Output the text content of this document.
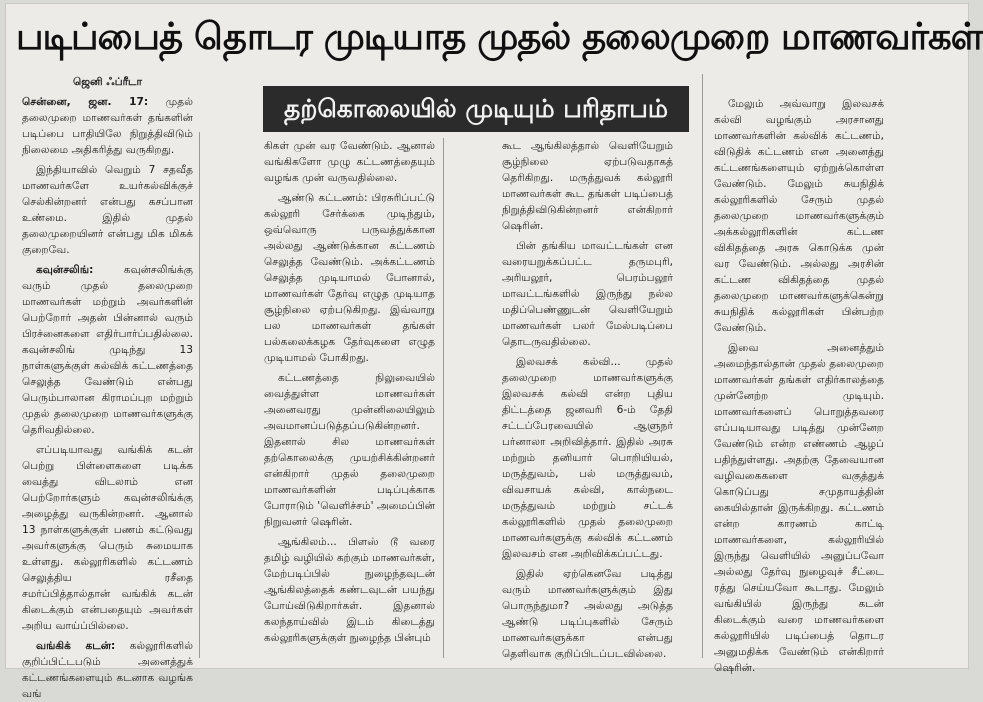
படிப்பைத் தொடர முடியாத முதல் தலைமுறை மாணவர்கள்
தற்கொலையில் முடியும் பரிதாபம்

ஜெனி ஃப்ரீடா

சென்னை, ஜன. 17: முதல் தலைமுறை மாணவர்கள் தங்களின் படிப்பை பாதியிலே நிறுத்திவிடும் நிலைமை அதிகரித்து வருகிறது.

இந்தியாவில் வெறும் 7 சதவீத மாணவர்களே உயர்கல்விக்குச் செல்கின்றனர் என்பது கசப்பான உண்மை. இதில் முதல் தலைமுறையினர் என்பது மிக மிகக் குறைவே.

கவுன்சலிங்:	கவுன்சலிங்க்கு வரும் முதல் தலைமுறை மாணவர்கள் மற்றும் அவர்களின் பெற்றோர் அதன் பின்னால் வரும் பிரச்னைகளை எதிர்பார்ப்பதில்லை. கவுன்சலிங் முடிந்து 13 நாள்களுக்குள் கல்விக் கட்டணத்தை செலுத்த வேண்டும் என்பது பெரும்பாலான கிராமப்புற மற்றும் முதல் தலைமுறை மாணவர்களுக்கு தெரிவதில்லை.

எப்படியாவது வங்கிக் கடன் பெற்று பிள்ளைகளை படிக்க வைத்து விடலாம் என பெற்றோர்களும் கவுன்சலிங்க்கு அழைத்து வருகின்றனர். ஆனால் 13 நாள்களுக்குள் பணம் கட்டுவது அவர்களுக்கு பெரும் சுமையாக உள்ளது. கல்லூரிகளில் கட்டணம் செலுத்திய ரசீதை சமர்ப்பித்தால்தான் வங்கிக் கடன் கிடைக்கும் என்பதையும் அவர்கள் அறிய வாய்ப்பில்லை.

வங்கிக் கடன்: கல்லூரிகளில் குறிப்பிட்டபடும் அனைத்துக் கட்டணங்களையும் கடனாக வழங்க வங்

கிகள் முன் வர வேண்டும். ஆனால் வங்கிகளோ முழு கட்டணத்தையும் வழங்க முன் வருவதில்லை.

ஆண்டு கட்டணம்: பிரசுரிப்பட்டு கல்லூரி சேர்க்கை முடிந்தும், ஒவ்வொரு பருவத்துக்கான அல்லது ஆண்டுக்கான கட்டணம் செலுத்த வேண்டும். அக்கட்டணம் செலுத்த முடியாமல் போனால், மாணவர்கள் தேர்வு எழுத முடியாத சூழ்நிலை ஏற்படுகிறது. இவ்வாறு பல மாணவர்கள் தங்கள் பல்கலைக்கழக தேர்வுகளை எழுத முடியாமல் போகிறது.

கட்டணத்தை நிலுவையில் வைத்துள்ள மாணவர்கள் அனைவரது முன்னிலையிலும் அவமானப்படுத்தப்படுகின்றனர். இதனால் சில மாணவர்கள் தற்கொலைக்கு முயற்சிக்கின்றனர் என்கிறார் முதல் தலைமுறை மாணவர்களின் படிப்புக்காக போராடும் 'வெளிச்சம்' அமைப்பின் நிறுவனர் ஷெரின்.

ஆங்கிலம்... பிளஸ் டூ வரை தமிழ் வழியில் கற்கும் மாணவர்கள், மேற்படிப்பில் நுழைந்தவுடன் ஆங்கிலத்தைக் கண்டவுடன் பயந்து போய்விடுகிறார்கள். இதனால் கலந்தாய்வில் இடம் கிடைத்து கல்லூரிகளுக்குள் நுழைந்த பின்பும்

கூட ஆங்கிலத்தால் வெளியேறும் சூழ்நிலை ஏற்படுவதாகத் தெரிகிறது. மருத்துவக் கல்லூரி மாணவர்கள் கூட தங்கள் படிப்பைத் நிறுத்திவிடுகின்றனர் என்கிறார் ஷெரின்.

பின் தங்கிய மாவட்டங்கள் என வரையறுக்கப்பட்ட தருமபுரி, அரியலூர், பெரம்பலூர் மாவட்டங்களில் இருந்து நல்ல மதிப்பெண்ணுடன் வெளியேறும் மாணவர்கள் பலர் மேல்படிப்பை தொடருவதில்லை.

இலவசக் கல்வி... முதல் தலைமுறை மாணவர்களுக்கு இலவசக் கல்வி என்ற புதிய திட்டத்தை ஜனவரி 6-ம் தேதி சட்டப்பேரவையில் ஆளுநர் பர்னாலா அறிவித்தார். இதில் அரசு மற்றும் தனியார் பொறியியல், மருத்துவம், பல் மருத்துவம், விவசாயக் கல்வி, கால்நடை மருத்துவம் மற்றும் சட்டக் கல்லூரிகளில் முதல் தலைமுறை மாணவர்களுக்கு கல்விக் கட்டணம் இலவசம் என அறிவிக்கப்பட்டது.

இதில் ஏற்கெனவே படித்து வரும் மாணவர்களுக்கும் இது பொருந்துமா? அல்லது அடுத்த ஆண்டு படிப்புகளில் சேரும் மாணவர்களுக்கா என்பது தெளிவாக குறிப்பிடப்படவில்லை.

மேலும் அவ்வாறு இலவசக் கல்வி வழங்கும் அரசானது மாணவர்களின் கல்விக் கட்டணம், விடுதிக் கட்டணம் என அனைத்து கட்டணங்களையும் ஏற்றுக்கொள்ள வேண்டும். மேலும் சுயநிதிக் கல்லூரிகளில் சேரும் முதல் தலைமுறை மாணவர்களுக்கும் அக்கல்லூரிகளின் கட்டண விகிதத்தை அரசு கொடுக்க முன் வர வேண்டும். அல்லது அரசின் கட்டண விகிதத்தை முதல் தலைமுறை மாணவர்களுக்கென்று சுயநிதிக் கல்லூரிகள் பின்பற்ற வேண்டும்.

இவை அனைத்தும் அமைந்தால்தான் முதல் தலைமுறை மாணவர்கள் தங்கள் எதிர்காலத்தை முன்னேற்ற முடியும். மாணவர்களைப் பொறுத்தவரை எப்படியாவது படித்து முன்னேற வேண்டும் என்ற எண்ணம் ஆழப் பதிந்துள்ளது. அதற்கு தேவையான வழிவகைகளை வகுத்துக் கொடுப்பது சமுதாயத்தின் கையில்தான் இருக்கிறது. கட்டணம் என்ற காரணம் காட்டி மாணவர்களை, கல்லூரியில் இருந்து வெளியில் அனுப்பவோ அல்லது தேர்வு நுழைவுச் சீட்டை ரத்து செய்யவோ கூடாது. மேலும் வங்கியில் இருந்து கடன் கிடைக்கும் வரை மாணவர்களை கல்லூரியில் படிப்பைத் தொடர அனுமதிக்க வேண்டும் என்கிறார் ஷெரின்.
